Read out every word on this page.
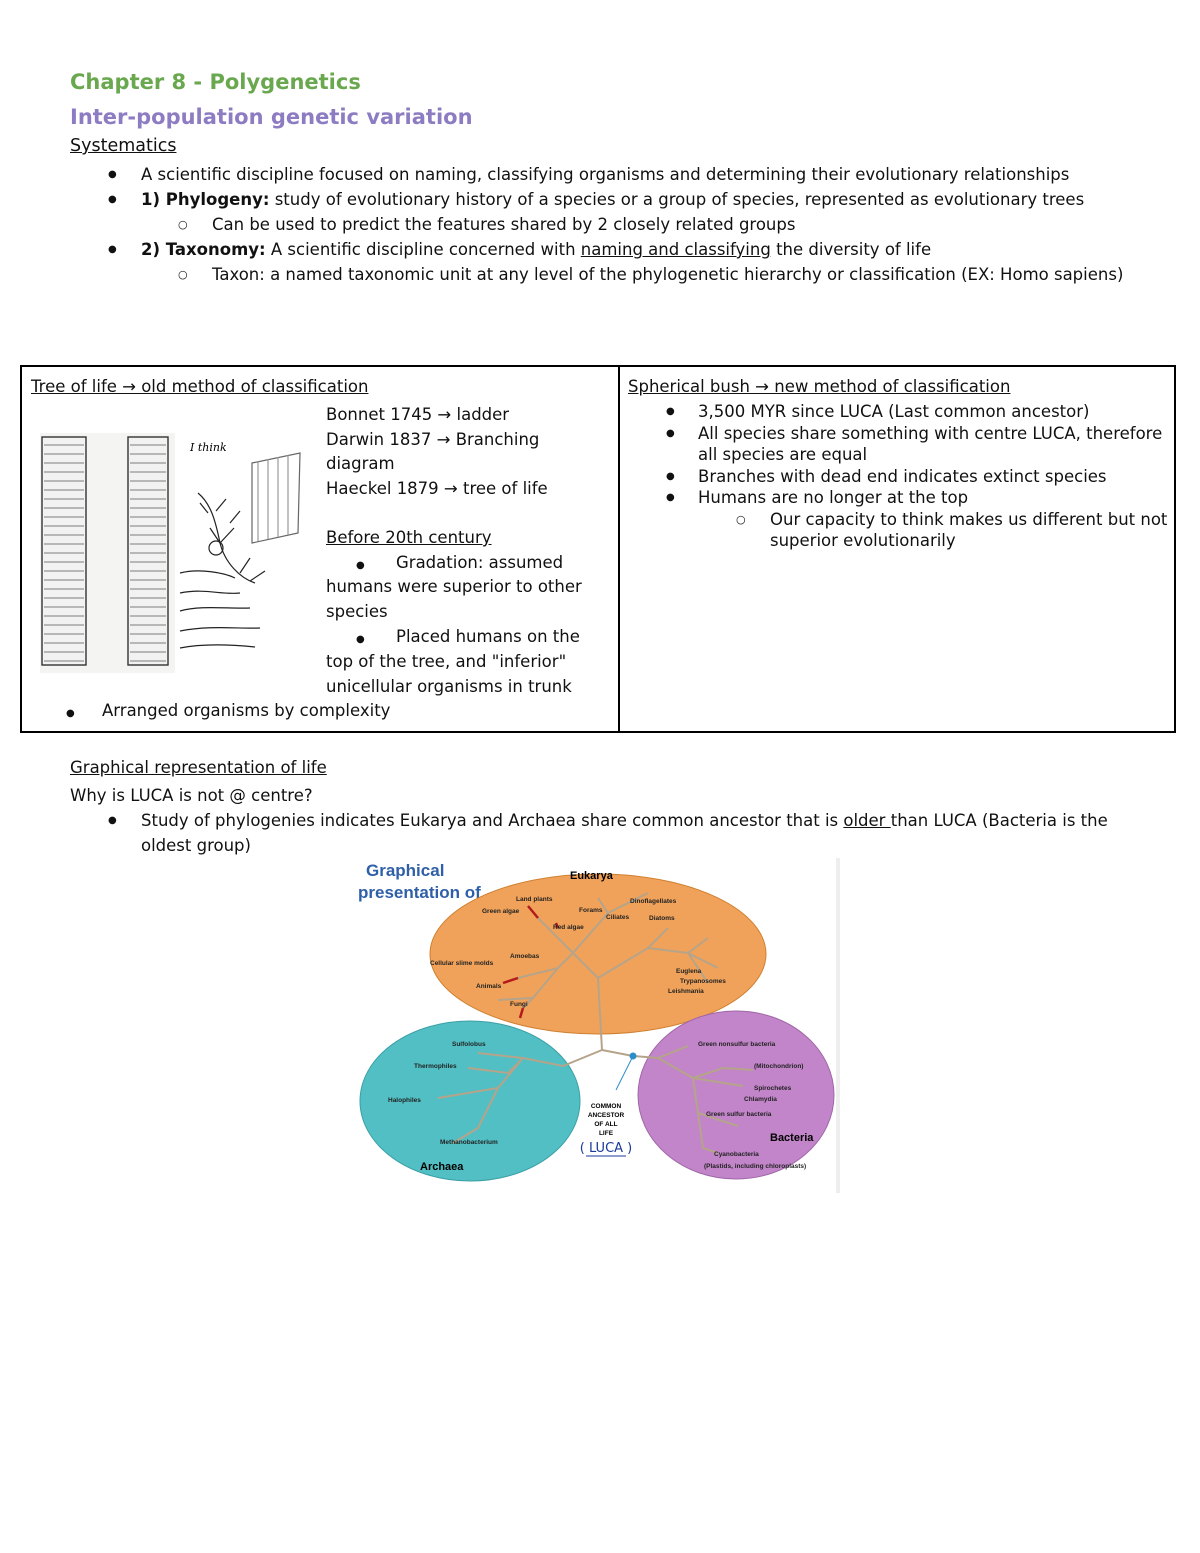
Chapter 8 - Polygenetics
Inter-population genetic variation
Systematics
● A scientific discipline focused on naming, classifying organisms and determining their evolutionary relationships
● 1) Phylogeny: study of evolutionary history of a species or a group of species, represented as evolutionary trees
○ Can be used to predict the features shared by 2 closely related groups
● 2) Taxonomy: A scientific discipline concerned with naming and classifying the diversity of life
○ Taxon: a named taxonomic unit at any level of the phylogenetic hierarchy or classification (EX: Homo sapiens)
Tree of life → old method of classification
I think
Bonnet 1745 → ladder
Darwin 1837 → Branching
diagram
Haeckel 1879 → tree of life
Before 20th century
● Gradation: assumed
humans were superior to other
species
● Placed humans on the
top of the tree, and "inferior"
unicellular organisms in trunk
● Arranged organisms by complexity
Spherical bush → new method of classification
● 3,500 MYR since LUCA (Last common ancestor)
● All species share something with centre LUCA, therefore all species are equal
● Branches with dead end indicates extinct species
● Humans are no longer at the top
○ Our capacity to think makes us different but not superior evolutionarily
Graphical representation of life
Why is LUCA is not @ centre?
● Study of phylogenies indicates Eukarya and Archaea share common ancestor that is older than LUCA (Bacteria is the oldest group)
Graphical
presentation of
Eukarya
Archaea
Bacteria
Land plants
Green algae
Red algae
Forams
Ciliates	Diatoms
Dinoflagellates
Amoebas
Cellular slime molds
Animals
Fungi
Euglena
Trypanosomes
Leishmania
Sulfolobus
Thermophiles
Halophiles
Methanobacterium
Green nonsulfur bacteria
(Mitochondrion)
Spirochetes
Chlamydia
Green sulfur bacteria
Cyanobacteria
(Plastids, including chloroplasts)
COMMON
ANCESTOR
OF ALL
LIFE
( LUCA )
